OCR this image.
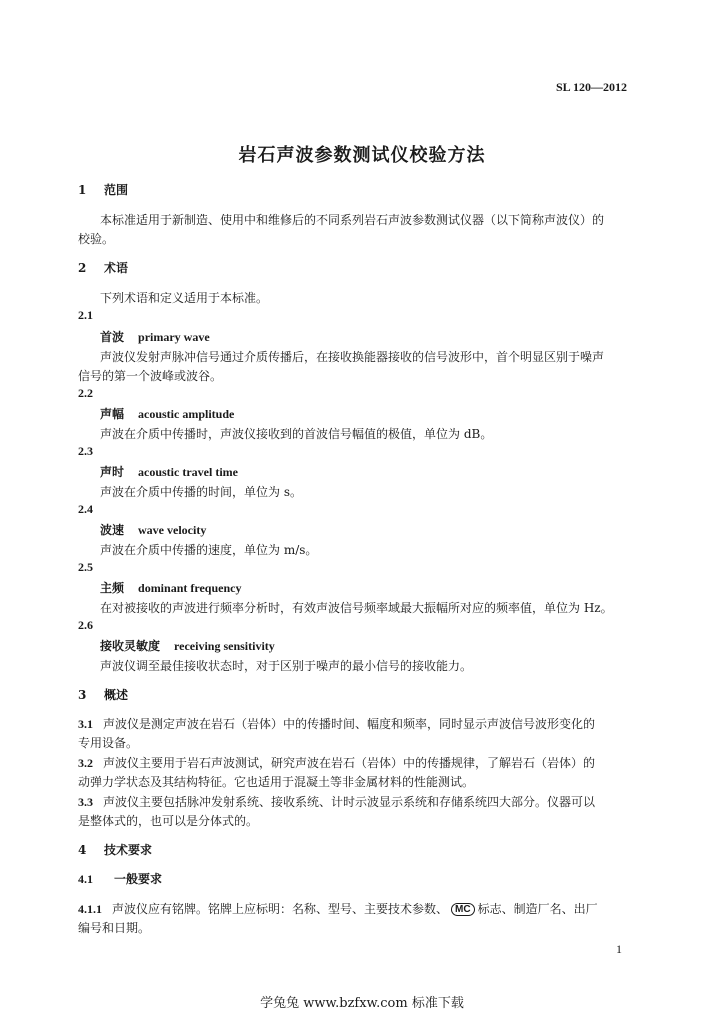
SL 120—2012
岩石声波参数测试仪校验方法
1 范围
本标准适用于新制造、使用中和维修后的不同系列岩石声波参数测试仪器（以下简称声波仪）的
校验。
2 术语
下列术语和定义适用于本标准。
2.1
首波 primary wave
声波仪发射声脉冲信号通过介质传播后，在接收换能器接收的信号波形中，首个明显区别于噪声
信号的第一个波峰或波谷。
2.2
声幅 acoustic amplitude
声波在介质中传播时，声波仪接收到的首波信号幅值的极值，单位为 dB。
2.3
声时 acoustic travel time
声波在介质中传播的时间，单位为 s。
2.4
波速 wave velocity
声波在介质中传播的速度，单位为 m/s。
2.5
主频 dominant frequency
在对被接收的声波进行频率分析时，有效声波信号频率域最大振幅所对应的频率值，单位为 Hz。
2.6
接收灵敏度 receiving sensitivity
声波仪调至最佳接收状态时，对于区别于噪声的最小信号的接收能力。
3 概述
3.1 声波仪是测定声波在岩石（岩体）中的传播时间、幅度和频率，同时显示声波信号波形变化的
专用设备。
3.2 声波仪主要用于岩石声波测试，研究声波在岩石（岩体）中的传播规律，了解岩石（岩体）的
动弹力学状态及其结构特征。它也适用于混凝土等非金属材料的性能测试。
3.3 声波仪主要包括脉冲发射系统、接收系统、计时示波显示系统和存储系统四大部分。仪器可以
是整体式的，也可以是分体式的。
4 技术要求
4.1 一般要求
4.1.1 声波仪应有铭牌。铭牌上应标明：名称、型号、主要技术参数、 MC 标志、制造厂名、出厂
编号和日期。
1
学兔兔 www.bzfxw.com 标准下载
